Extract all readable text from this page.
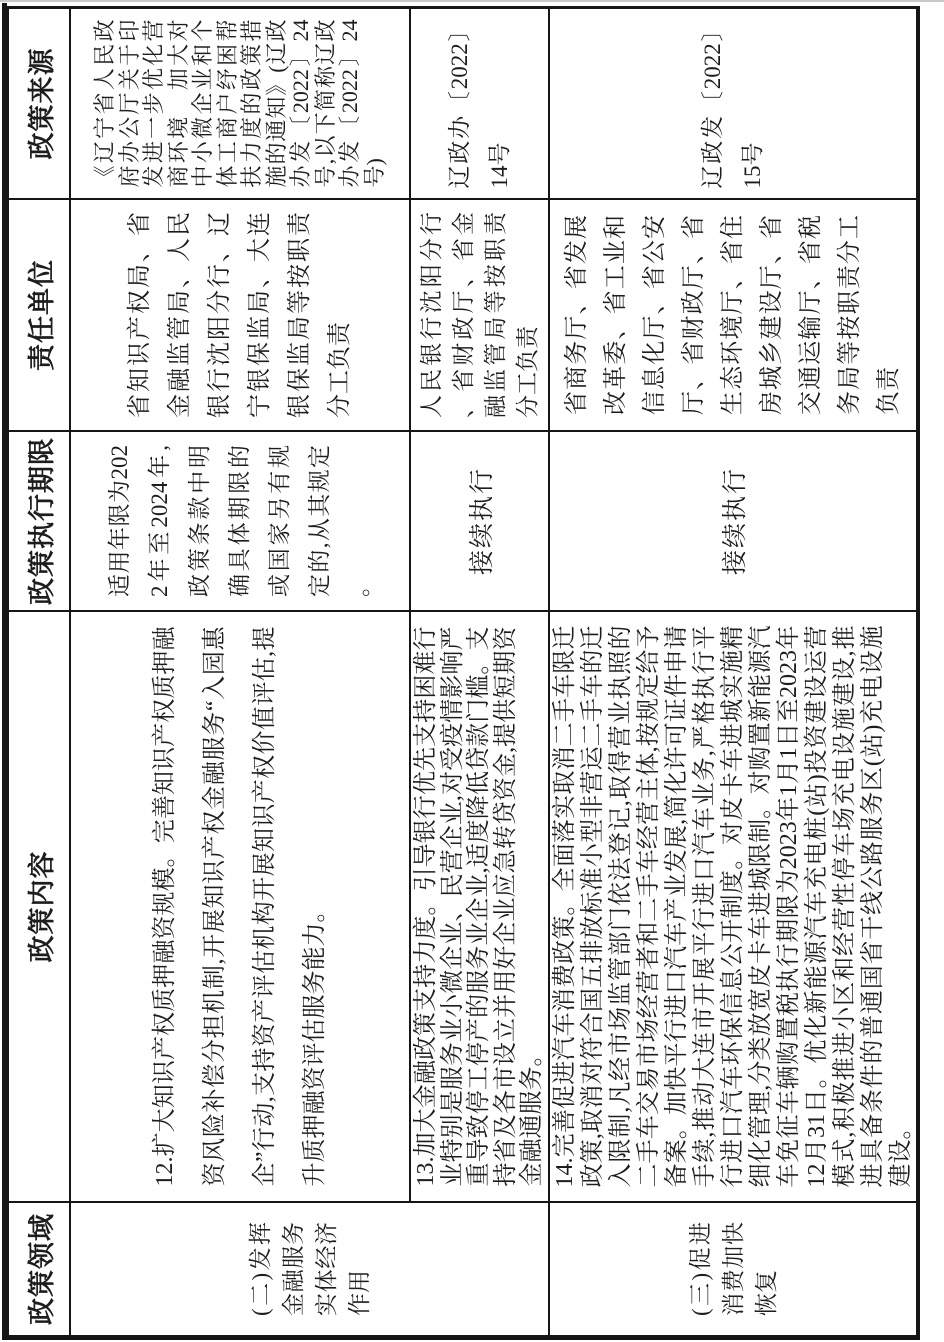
政策领域
政策内容
政策执行期限
责任单位
政策来源
(二)发挥金融服务实体经济作用	(三)促进消费加快恢复
12.扩大知识产权质押融资规模。完善知识产权质押融资风险补偿分担机制,开展知识产权金融服务“入园惠企”行动,支持资产评估机构开展知识产权价值评估,提升质押融资评估服务能力。
适用年限为2022年至2024年,政策条款中明确具体期限的或国家另有规定的,从其规定。
省知识产权局、省金融监管局、人民银行沈阳分行、辽宁银保监局、大连银保监局等按职责分工负责
《辽宁省人民政府办公厅关于印发进一步优化营商环境　加大对中小微企业和个体工商户纾困帮扶力度的政策措施的通知》(辽政办发〔2022〕24号,以下简称辽政办发〔2022〕24号)
13.加大金融政策支持力度。引导银行优先支持困难行业特别是服务业小微企业、民营企业,对受疫情影响严重导致停工停产的服务业企业,适度降低贷款门槛。支持省及各市设立并用好企业应急转贷资金,提供短期资金融通服务。
接续执行
人民银行沈阳分行、省财政厅、省金融监管局等按职责分工负责
辽政办〔2022〕14号
14.完善促进汽车消费政策。全面落实取消二手车限迁政策,取消对符合国五排放标准小型非营运二手车的迁入限制,凡经市场监管部门依法登记,取得营业执照的二手车交易市场经营者和二手车经营主体,按规定给予备案。加快平行进口汽车产业发展,简化许可证件申请手续,推动大连市开展平行进口汽车业务,严格执行平行进口汽车环保信息公开制度。对皮卡车进城实施精细化管理,分类放宽皮卡车进城限制。对购置新能源汽车免征车辆购置税执行期限为2023年1月1日至2023年12月31日。优化新能源汽车充电桩(站)投资建设运营模式,积极推进小区和经营性停车场充电设施建设,推进具备条件的普通国省干线公路服务区(站)充电设施建设。
接续执行
省商务厅、省发展改革委、省工业和信息化厅、省公安厅、省财政厅、省生态环境厅、省住房城乡建设厅、省交通运输厅、省税务局等按职责分工负责
辽政发〔2022〕15号
